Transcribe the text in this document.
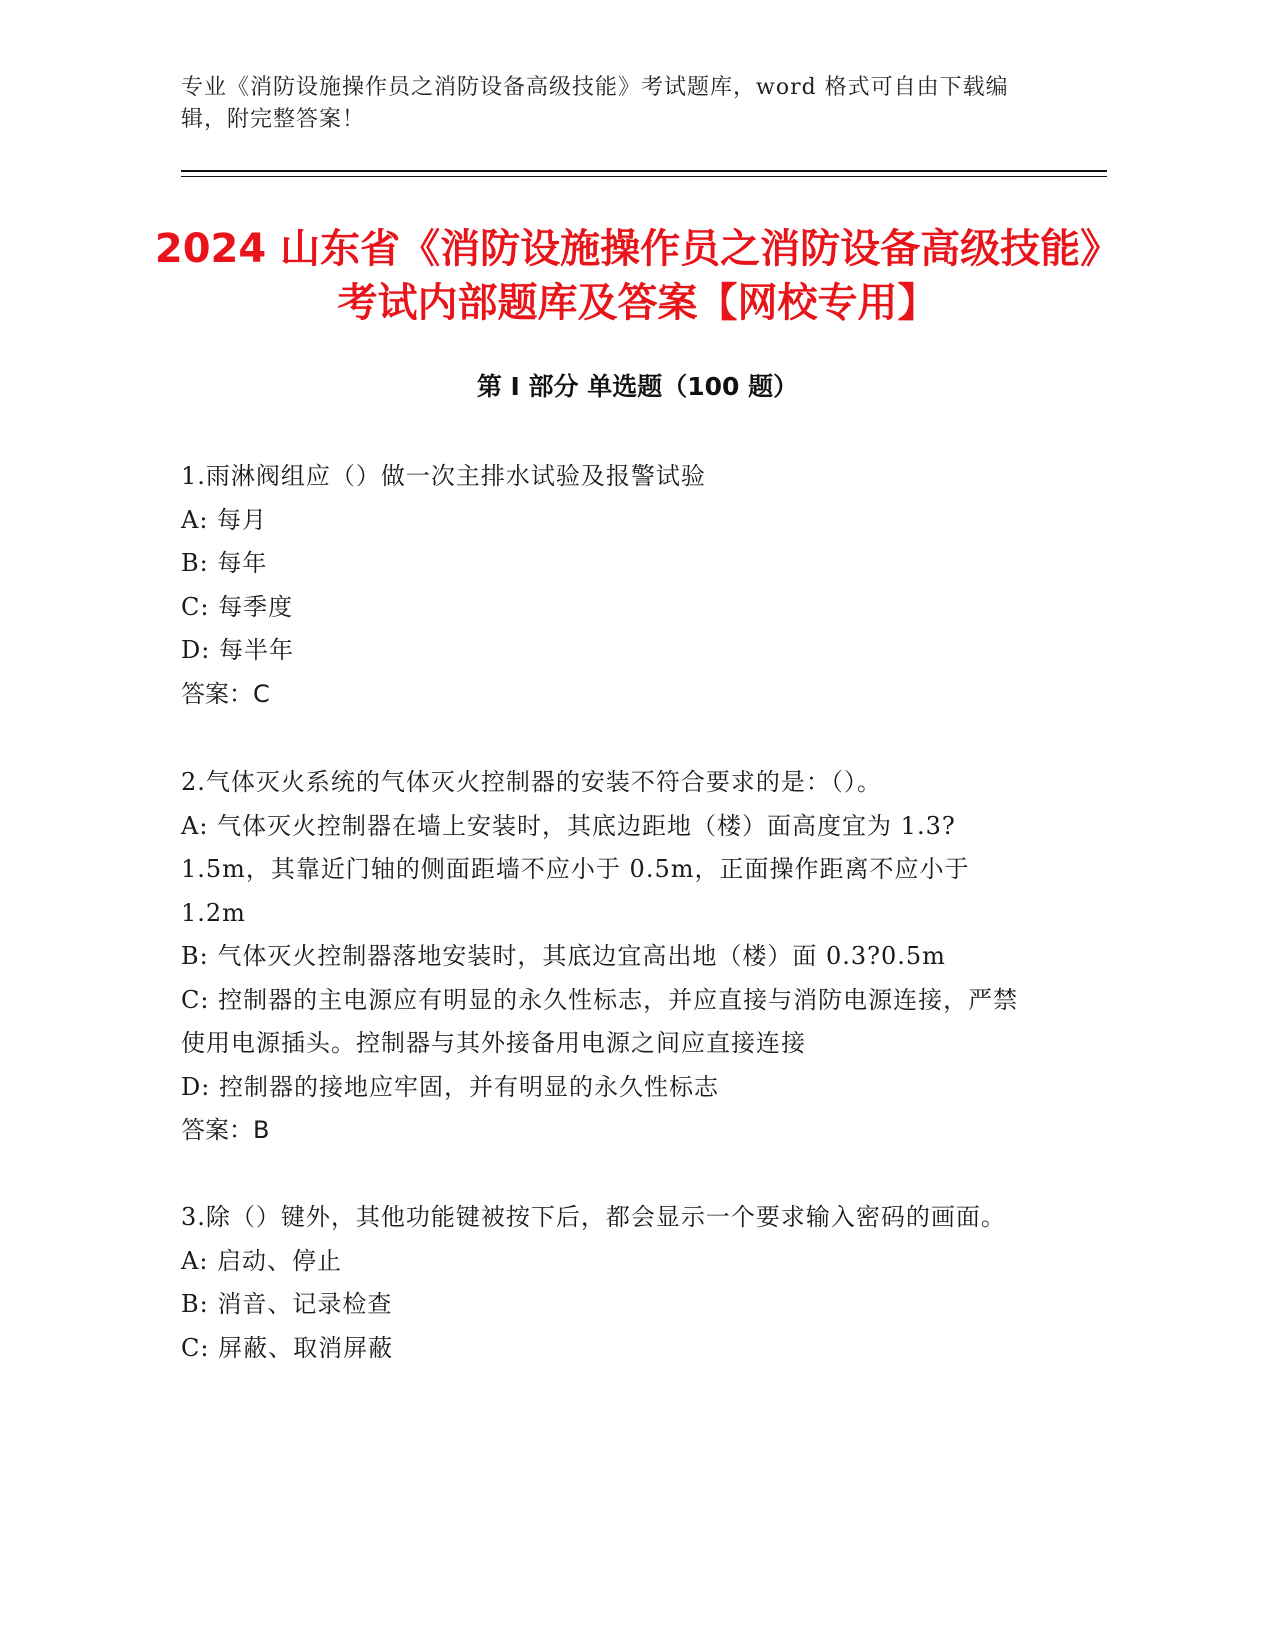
专业《消防设施操作员之消防设备高级技能》考试题库，word 格式可自由下载编辑，附完整答案！
2024 山东省《消防设施操作员之消防设备高级技能》考试内部题库及答案【网校专用】
第 I 部分 单选题（100 题）

1.雨淋阀组应（）做一次主排水试验及报警试验

A: 每月

B: 每年

C: 每季度

D: 每半年

答案：C

2.气体灭火系统的气体灭火控制器的安装不符合要求的是：（）。

A: 气体灭火控制器在墙上安装时，其底边距地（楼）面高度宜为 1.3?1.5m，其靠近门轴的侧面距墙不应小于 0.5m，正面操作距离不应小于 1.2m

B: 气体灭火控制器落地安装时，其底边宜高出地（楼）面 0.3?0.5m

C: 控制器的主电源应有明显的永久性标志，并应直接与消防电源连接，严禁使用电源插头。控制器与其外接备用电源之间应直接连接

D: 控制器的接地应牢固，并有明显的永久性标志

答案：B

3.除（）键外，其他功能键被按下后，都会显示一个要求输入密码的画面。

A: 启动、停止

B: 消音、记录检查

C: 屏蔽、取消屏蔽
